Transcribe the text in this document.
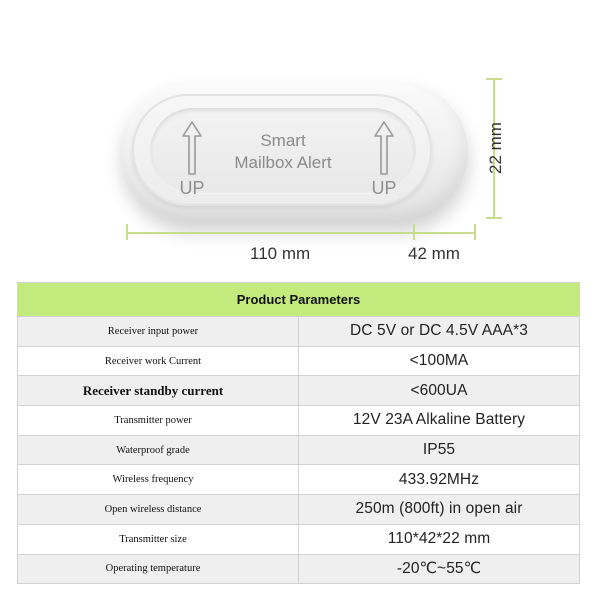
UP
Smart
Mailbox Alert
UP
110 mm	42 mm
22 mm
Product Parameters	
Receiver input power	DC 5V or DC 4.5V AAA*3
Receiver work Current	<100MA
Receiver standby current	<600UA
Transmitter power	12V 23A Alkaline Battery
Waterproof grade	IP55
Wireless frequency	433.92MHz
Open wireless distance	250m (800ft) in open air
Transmitter size	110*42*22 mm
Operating temperature	-20℃~55℃
